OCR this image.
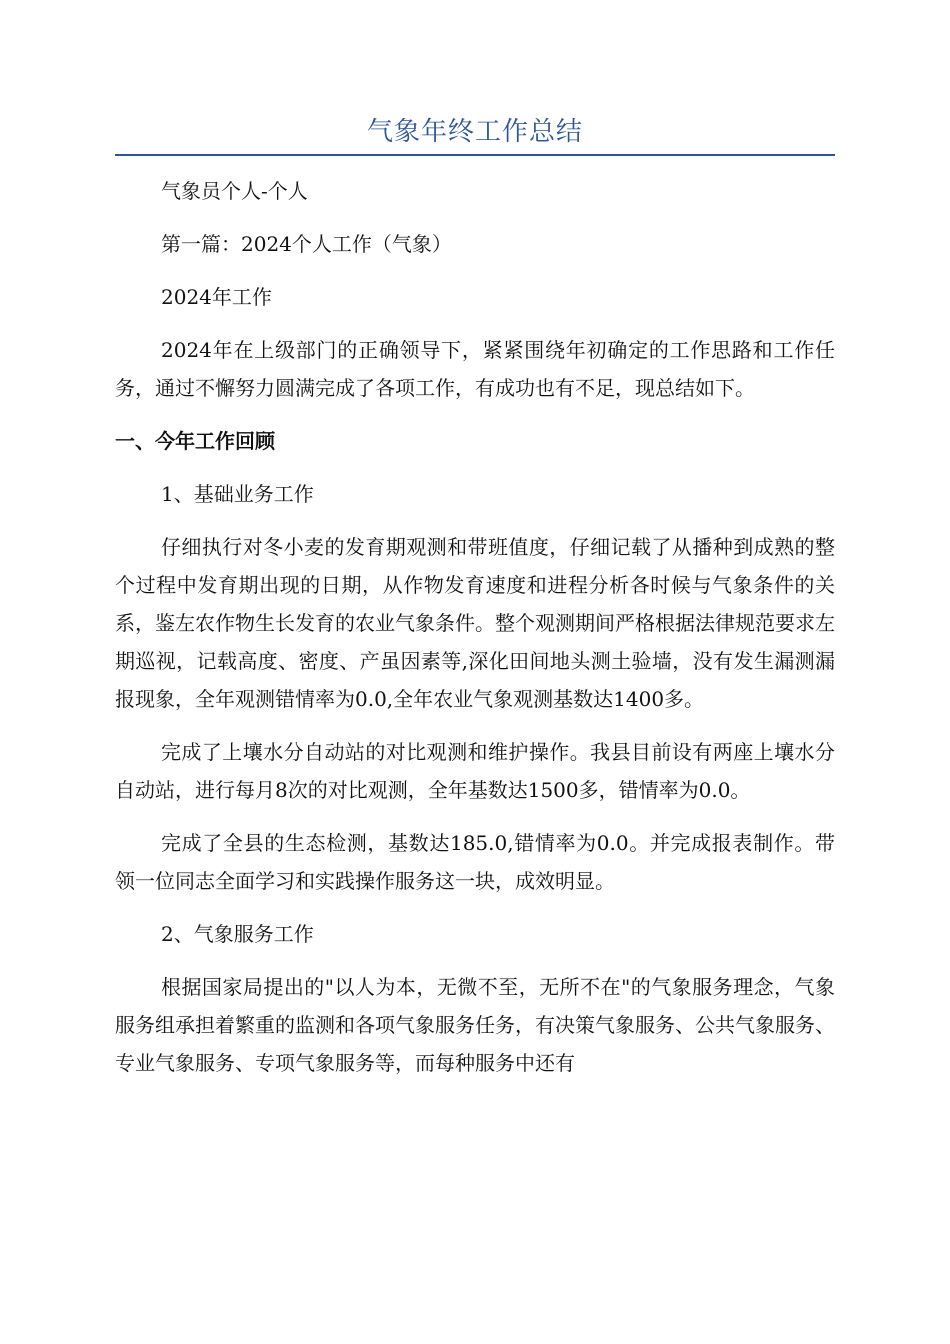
气象年终工作总结

气象员个人-个人

第一篇：2024个人工作（气象）

2024年工作

2024年在上级部门的正确领导下，紧紧围绕年初确定的工作思路和工作任务，通过不懈努力圆满完成了各项工作，有成功也有不足，现总结如下。

一、今年工作回顾

1、基础业务工作

仔细执行对冬小麦的发育期观测和带班值度，仔细记载了从播种到成熟的整个过程中发育期出现的日期，从作物发育速度和进程分析各时候与气象条件的关系，鉴左农作物生长发育的农业气象条件。整个观测期间严格根据法律规范要求左期巡视，记载高度、密度、产虽因素等,深化田间地头测土验墙，没有发生漏测漏报现象，全年观测错情率为0.0,全年农业气象观测基数达1400多。

完成了上壤水分自动站的对比观测和维护操作。我县目前设有两座上壤水分自动站，进行每月8次的对比观测，全年基数达1500多，错情率为0.0。

完成了全县的生态检测，基数达185.0,错情率为0.0。并完成报表制作。带领一位同志全面学习和实践操作服务这一块，成效明显。

2、气象服务工作

根据国家局提出的"以人为本，无微不至，无所不在"的气象服务理念，气象服务组承担着繁重的监测和各项气象服务任务，有决策气象服务、公共气象服务、专业气象服务、专项气象服务等，而每种服务中还有
